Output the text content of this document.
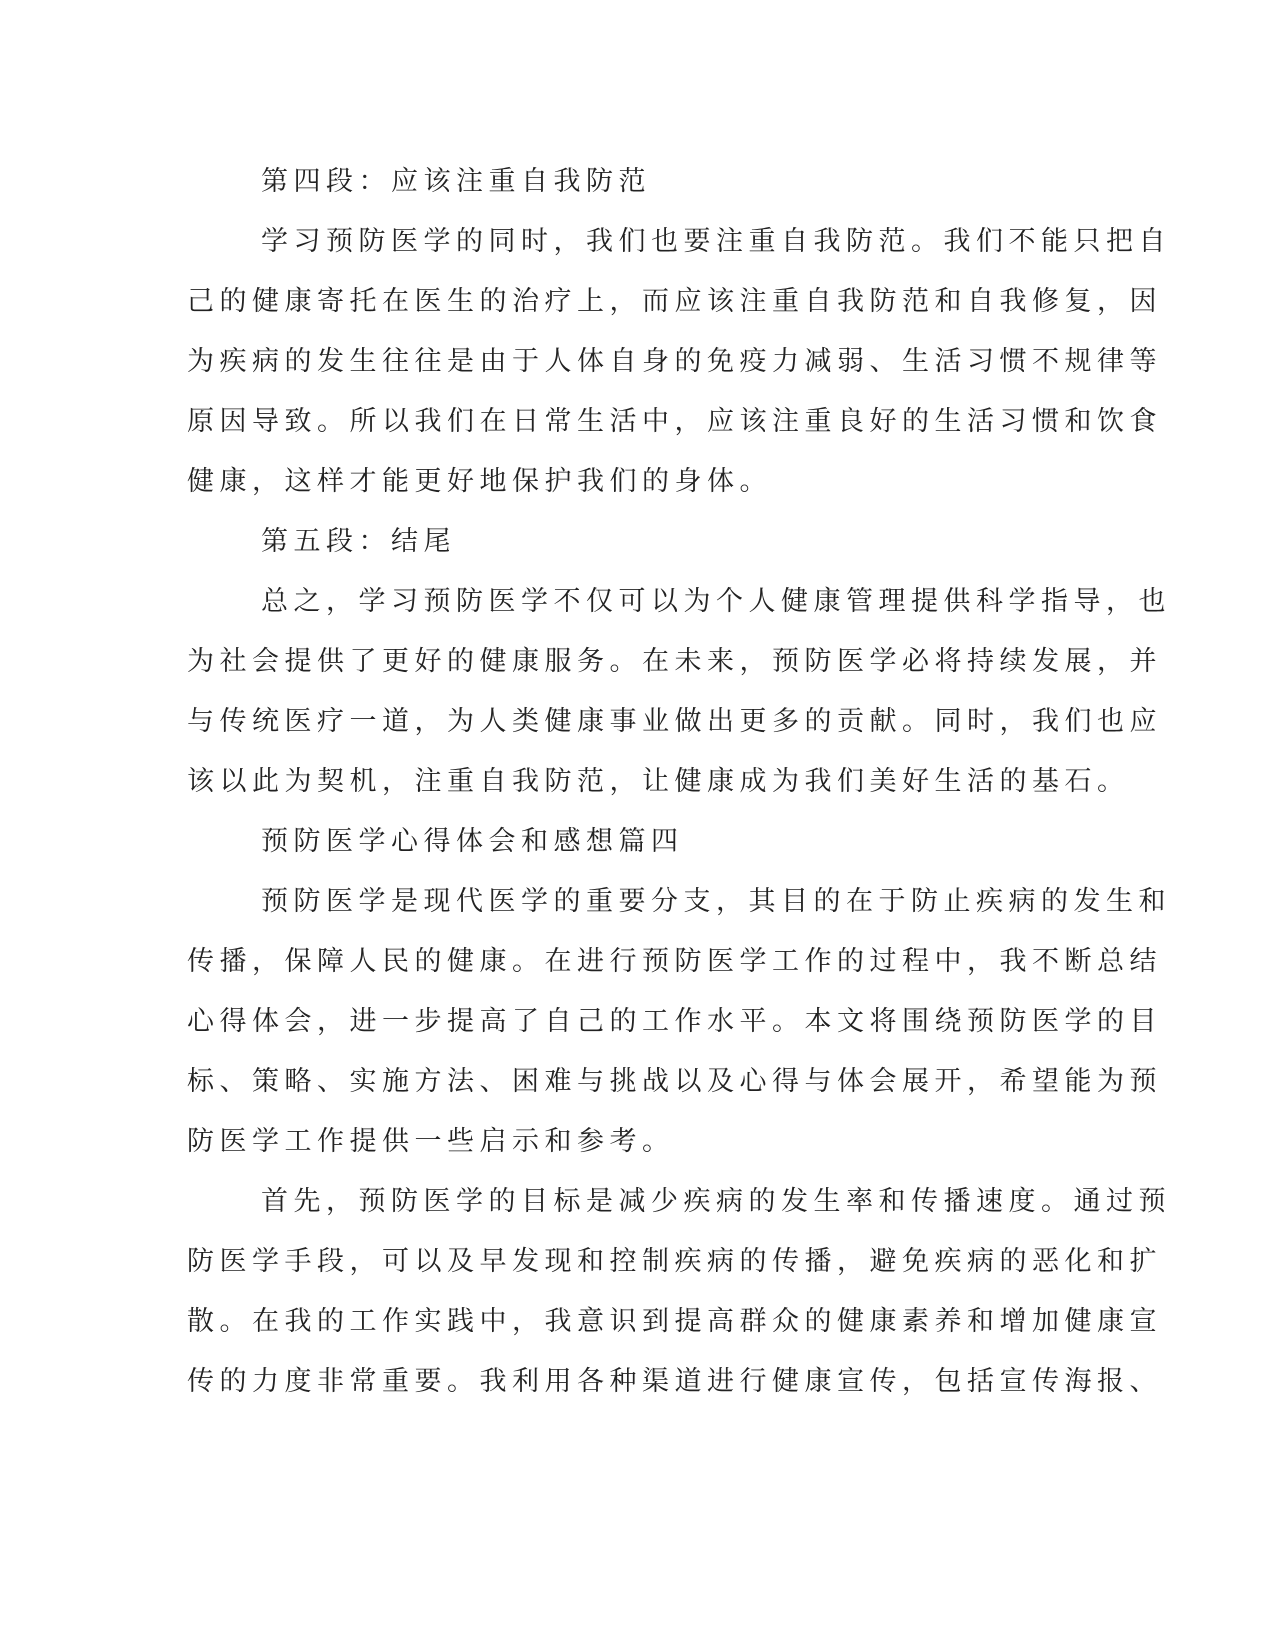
第四段：应该注重自我防范
学习预防医学的同时，我们也要注重自我防范。我们不能只把自
己的健康寄托在医生的治疗上，而应该注重自我防范和自我修复，因
为疾病的发生往往是由于人体自身的免疫力减弱、生活习惯不规律等
原因导致。所以我们在日常生活中，应该注重良好的生活习惯和饮食
健康，这样才能更好地保护我们的身体。
第五段：结尾
总之，学习预防医学不仅可以为个人健康管理提供科学指导，也
为社会提供了更好的健康服务。在未来，预防医学必将持续发展，并
与传统医疗一道，为人类健康事业做出更多的贡献。同时，我们也应
该以此为契机，注重自我防范，让健康成为我们美好生活的基石。
预防医学心得体会和感想篇四
预防医学是现代医学的重要分支，其目的在于防止疾病的发生和
传播，保障人民的健康。在进行预防医学工作的过程中，我不断总结
心得体会，进一步提高了自己的工作水平。本文将围绕预防医学的目
标、策略、实施方法、困难与挑战以及心得与体会展开，希望能为预
防医学工作提供一些启示和参考。
首先，预防医学的目标是减少疾病的发生率和传播速度。通过预
防医学手段，可以及早发现和控制疾病的传播，避免疾病的恶化和扩
散。在我的工作实践中，我意识到提高群众的健康素养和增加健康宣
传的力度非常重要。我利用各种渠道进行健康宣传，包括宣传海报、
